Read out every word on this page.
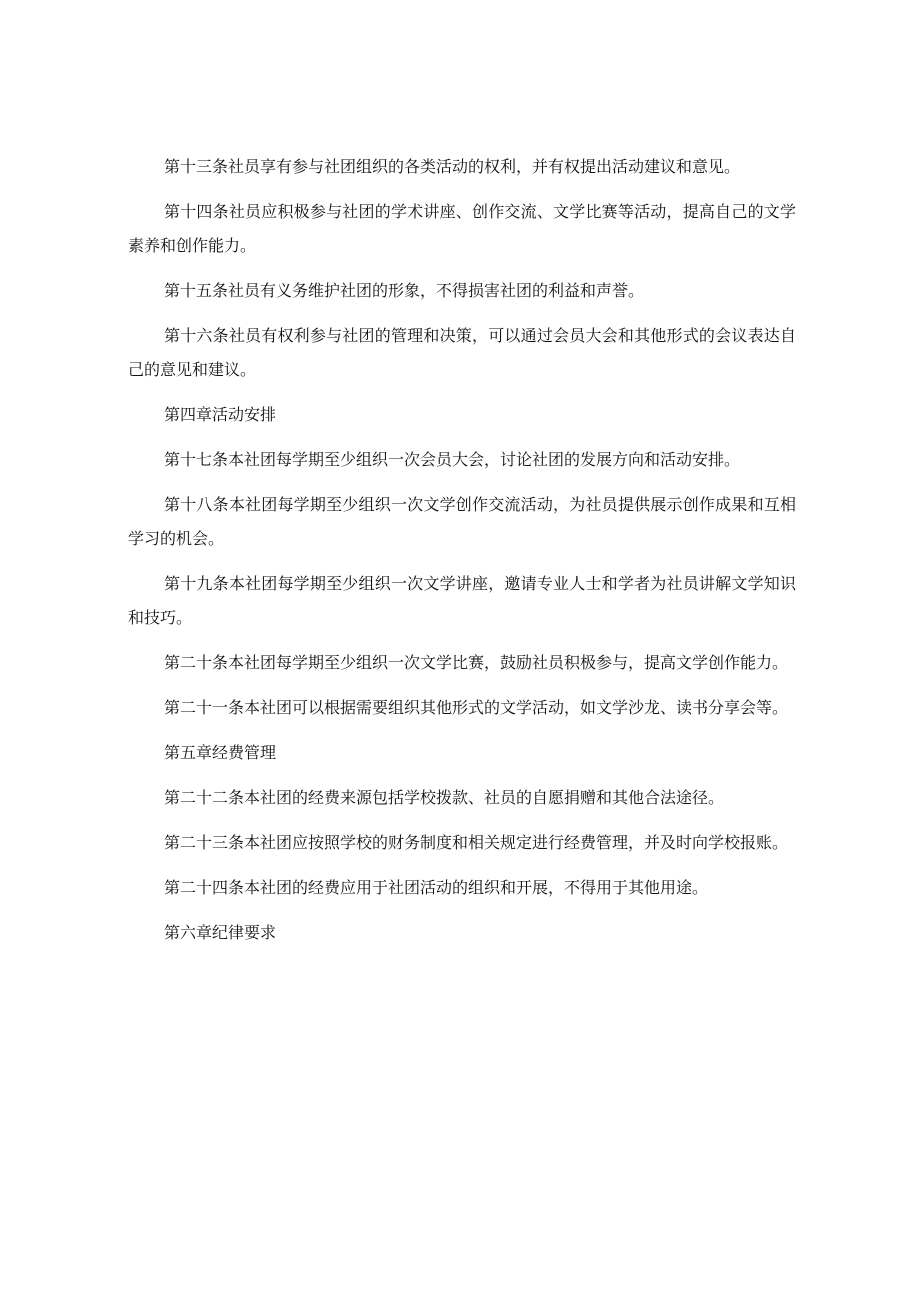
第十三条社员享有参与社团组织的各类活动的权利，并有权提出活动建议和意见。

第十四条社员应积极参与社团的学术讲座、创作交流、文学比赛等活动，提高自己的文学素养和创作能力。

第十五条社员有义务维护社团的形象，不得损害社团的利益和声誉。

第十六条社员有权利参与社团的管理和决策，可以通过会员大会和其他形式的会议表达自己的意见和建议。

第四章活动安排

第十七条本社团每学期至少组织一次会员大会，讨论社团的发展方向和活动安排。

第十八条本社团每学期至少组织一次文学创作交流活动，为社员提供展示创作成果和互相学习的机会。

第十九条本社团每学期至少组织一次文学讲座，邀请专业人士和学者为社员讲解文学知识和技巧。

第二十条本社团每学期至少组织一次文学比赛，鼓励社员积极参与，提高文学创作能力。

第二十一条本社团可以根据需要组织其他形式的文学活动，如文学沙龙、读书分享会等。

第五章经费管理

第二十二条本社团的经费来源包括学校拨款、社员的自愿捐赠和其他合法途径。

第二十三条本社团应按照学校的财务制度和相关规定进行经费管理，并及时向学校报账。

第二十四条本社团的经费应用于社团活动的组织和开展，不得用于其他用途。

第六章纪律要求
